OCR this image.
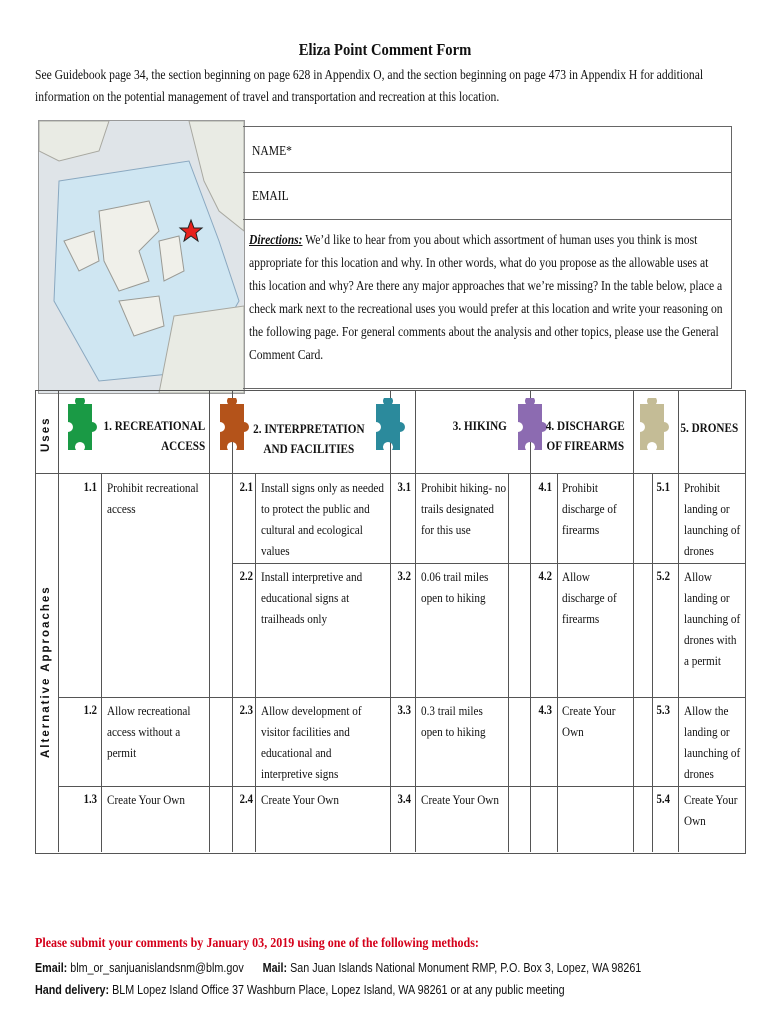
Eliza Point Comment Form
See Guidebook page 34, the section beginning on page 628 in Appendix O, and the section beginning on page 473 in Appendix H for additional information on the potential management of travel and transportation and recreation at this location.
NAME*
EMAIL
Directions: We’d like to hear from you about which assortment of human uses you think is most appropriate for this location and why. In other words, what do you propose as the allowable uses at this location and why? Are there any major approaches that we’re missing? In the table below, place a check mark next to the recreational uses you would prefer at this location and write your reasoning on the following page. For general comments about the analysis and other topics, please use the General Comment Card.
Uses
Alternative Approaches
1. RECREATIONAL
ACCESS
2. INTERPRETATION
AND FACILITIES
3. HIKING	4. DISCHARGE
OF FIREARMS
5. DRONES
1.1 Prohibit recreational access
1.2 Allow recreational access without a permit
1.3 Create Your Own
2.1 Install signs only as needed to protect the public and cultural and ecological values
2.2 Install interpretive and educational signs at trailheads only
2.3 Allow development of visitor facilities and educational and interpretive signs
2.4 Create Your Own
3.1 Prohibit hiking- no trails designated for this use
3.2 0.06 trail miles open to hiking
3.3 0.3 trail miles open to hiking
3.4 Create Your Own
4.1 Prohibit discharge of firearms
4.2 Allow discharge of firearms
4.3 Create Your Own
5.1 Prohibit landing or launching of drones
5.2 Allow landing or launching of drones with a permit
5.3 Allow the landing or launching of drones
5.4 Create Your Own
Please submit your comments by January 03, 2019 using one of the following methods:
Email: blm_or_sanjuanislandsnm@blm.gov Mail: San Juan Islands National Monument RMP, P.O. Box 3, Lopez, WA 98261
Hand delivery: BLM Lopez Island Office 37 Washburn Place, Lopez Island, WA 98261 or at any public meeting
